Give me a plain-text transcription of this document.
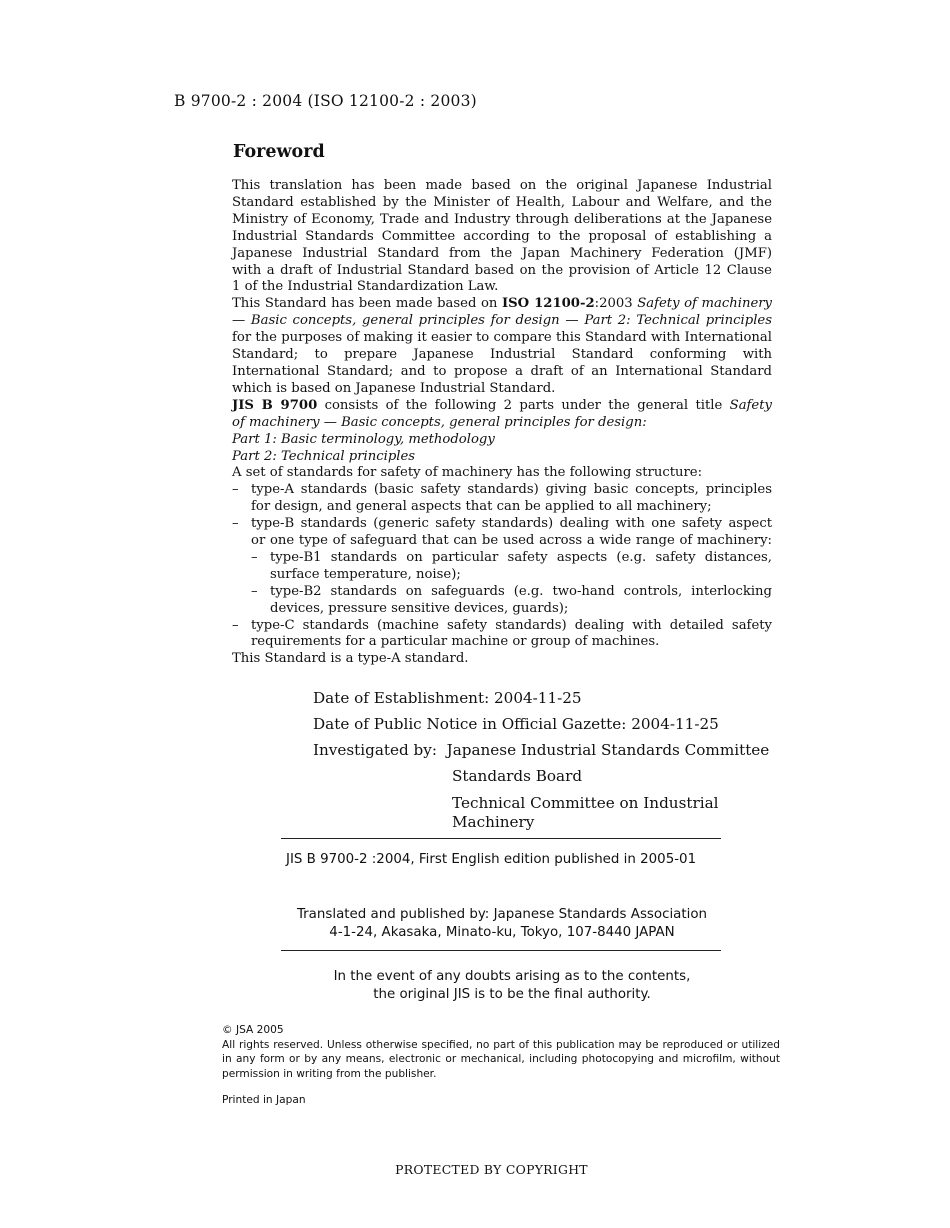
B 9700-2 : 2004 (ISO 12100-2 : 2003)
Foreword

This translation has been made based on the original Japanese Industrial

Standard established by the Minister of Health, Labour and Welfare, and the

Ministry of Economy, Trade and Industry through deliberations at the Japanese

Industrial Standards Committee according to the proposal of establishing a

Japanese Industrial Standard from the Japan Machinery Federation (JMF)

with a draft of Industrial Standard based on the provision of Article 12 Clause

1 of the Industrial Standardization Law.

This Standard has been made based on ISO 12100-2:2003 Safety of machinery

— Basic concepts, general principles for design — Part 2: Technical principles

for the purposes of making it easier to compare this Standard with International

Standard; to prepare Japanese Industrial Standard conforming with

International Standard; and to propose a draft of an International Standard

which is based on Japanese Industrial Standard.

JIS B 9700 consists of the following 2 parts under the general title Safety

of machinery — Basic concepts, general principles for design:

Part 1: Basic terminology, methodology

Part 2: Technical principles

A set of standards for safety of machinery has the following structure:

– type-A standards (basic safety standards) giving basic concepts, principles

for design, and general aspects that can be applied to all machinery;

– type-B standards (generic safety standards) dealing with one safety aspect

or one type of safeguard that can be used across a wide range of machinery:

– type-B1 standards on particular safety aspects (e.g. safety distances,

surface temperature, noise);

– type-B2 standards on safeguards (e.g. two-hand controls, interlocking

devices, pressure sensitive devices, guards);

– type-C standards (machine safety standards) dealing with detailed safety

requirements for a particular machine or group of machines.

This Standard is a type-A standard.

Date of Establishment: 2004-11-25
Date of Public Notice in Official Gazette: 2004-11-25
Investigated by: Japanese Industrial Standards Committee
Standards Board
Technical Committee on Industrial Machinery
JIS B 9700-2 :2004, First English edition published in 2005-01
Translated and published by: Japanese Standards Association
4-1-24, Akasaka, Minato-ku, Tokyo, 107-8440 JAPAN
In the event of any doubts arising as to the contents,
the original JIS is to be the final authority.
© JSA 2005
All rights reserved. Unless otherwise specified, no part of this publication may be reproduced or utilized in any form or by any means, electronic or mechanical, including photocopying and microfilm, without permission in writing from the publisher.
Printed in Japan
PROTECTED BY COPYRIGHT
